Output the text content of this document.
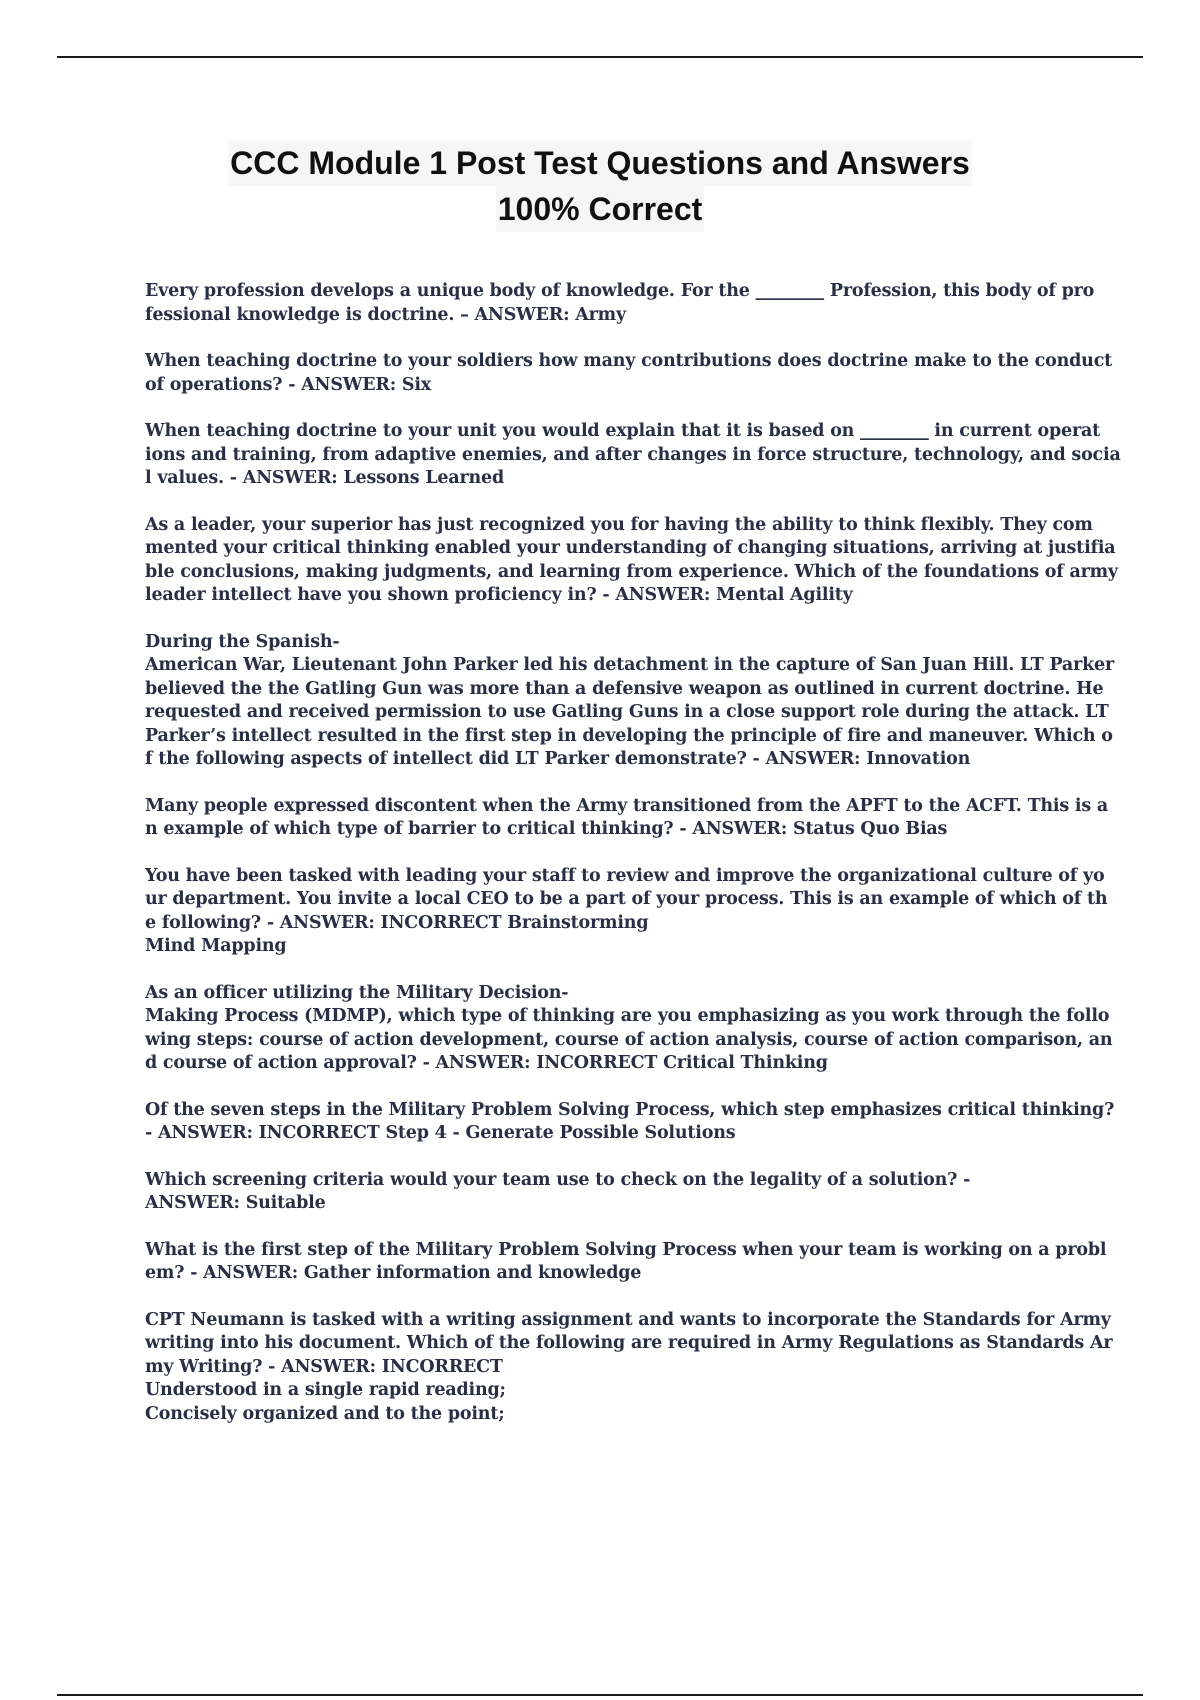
CCC Module 1 Post Test Questions and Answers
100% Correct
Every profession develops a unique body of knowledge. For the ________ Profession, this body of pro
fessional knowledge is doctrine. – ANSWER: Army
When teaching doctrine to your soldiers how many contributions does doctrine make to the conduct
of operations? - ANSWER: Six
When teaching doctrine to your unit you would explain that it is based on ________ in current operat
ions and training, from adaptive enemies, and after changes in force structure, technology, and socia
l values. - ANSWER: Lessons Learned
As a leader, your superior has just recognized you for having the ability to think flexibly. They com
mented your critical thinking enabled your understanding of changing situations, arriving at justifia
ble conclusions, making judgments, and learning from experience. Which of the foundations of army
leader intellect have you shown proficiency in? - ANSWER: Mental Agility
During the Spanish-
American War, Lieutenant John Parker led his detachment in the capture of San Juan Hill. LT Parker
believed the the Gatling Gun was more than a defensive weapon as outlined in current doctrine. He
requested and received permission to use Gatling Guns in a close support role during the attack. LT
Parker’s intellect resulted in the first step in developing the principle of fire and maneuver. Which o
f the following aspects of intellect did LT Parker demonstrate? - ANSWER: Innovation
Many people expressed discontent when the Army transitioned from the APFT to the ACFT. This is a
n example of which type of barrier to critical thinking? - ANSWER: Status Quo Bias
You have been tasked with leading your staff to review and improve the organizational culture of yo
ur department. You invite a local CEO to be a part of your process. This is an example of which of th
e following? - ANSWER: INCORRECT Brainstorming
Mind Mapping
As an officer utilizing the Military Decision-
Making Process (MDMP), which type of thinking are you emphasizing as you work through the follo
wing steps: course of action development, course of action analysis, course of action comparison, an
d course of action approval? - ANSWER: INCORRECT Critical Thinking
Of the seven steps in the Military Problem Solving Process, which step emphasizes critical thinking?
- ANSWER: INCORRECT Step 4 - Generate Possible Solutions
Which screening criteria would your team use to check on the legality of a solution? -
ANSWER: Suitable
What is the first step of the Military Problem Solving Process when your team is working on a probl
em? - ANSWER: Gather information and knowledge
CPT Neumann is tasked with a writing assignment and wants to incorporate the Standards for Army
writing into his document. Which of the following are required in Army Regulations as Standards Ar
my Writing? - ANSWER: INCORRECT
Understood in a single rapid reading;
Concisely organized and to the point;
